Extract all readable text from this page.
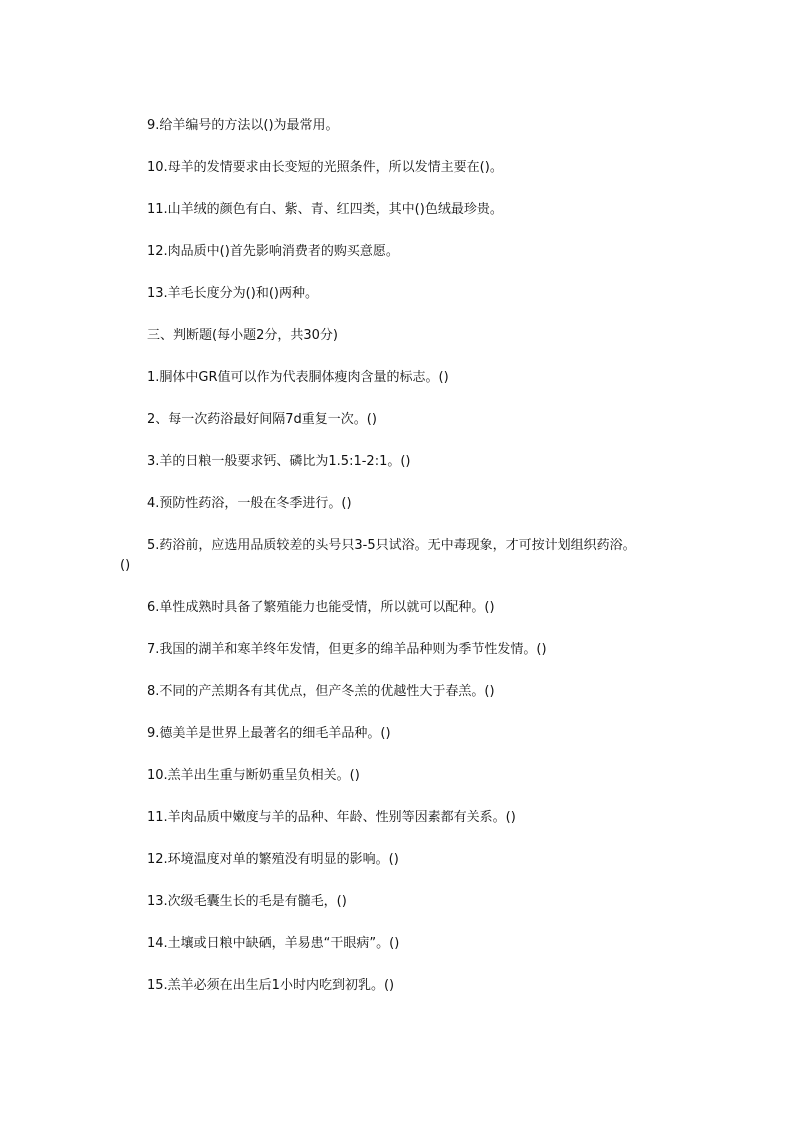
9.给羊编号的方法以()为最常用。
10.母羊的发情要求由长变短的光照条件，所以发情主要在()。
11.山羊绒的颜色有白、紫、青、红四类，其中()色绒最珍贵。
12.肉品质中()首先影响消费者的购买意愿。
13.羊毛长度分为()和()两种。
三、判断题(每小题2分，共30分)
1.胴体中GR值可以作为代表胴体瘦肉含量的标志。()
2、每一次药浴最好间隔7d重复一次。()
3.羊的日粮一般要求钙、磷比为1.5:1-2:1。()
4.预防性药浴，一般在冬季进行。()
5.药浴前，应选用品质较差的头号只3-5只试浴。无中毒现象，才可按计划组织药浴。
()
6.单性成熟时具备了繁殖能力也能受情，所以就可以配种。()
7.我国的湖羊和寒羊终年发情，但更多的绵羊品种则为季节性发情。()
8.不同的产羔期各有其优点，但产冬羔的优越性大于春羔。()
9.德美羊是世界上最著名的细毛羊品种。()
10.羔羊出生重与断奶重呈负相关。()
11.羊肉品质中嫩度与羊的品种、年龄、性别等因素都有关系。()
12.环境温度对单的繁殖没有明显的影响。()
13.次级毛囊生长的毛是有髓毛，()
14.土壤或日粮中缺硒，羊易患“干眼病”。()
15.羔羊必须在出生后1小时内吃到初乳。()
